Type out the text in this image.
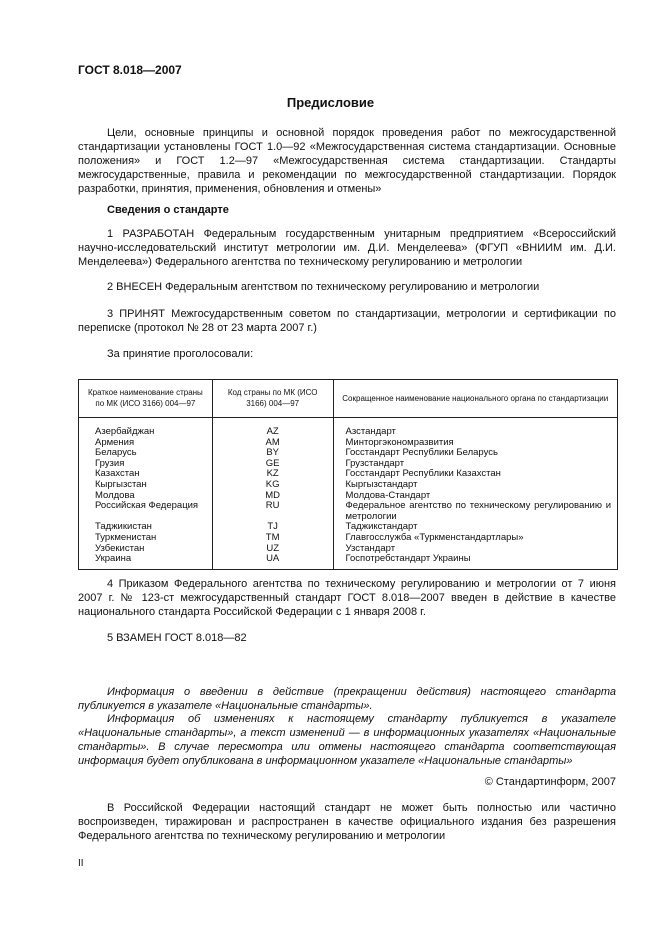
ГОСТ 8.018—2007
Предисловие
Цели, основные принципы и основной порядок проведения работ по межгосударственной стандартизации установлены ГОСТ 1.0—92 «Межгосударственная система стандартизации. Основные положения» и ГОСТ 1.2—97 «Межгосударственная система стандартизации. Стандарты межгосударственные, правила и рекомендации по межгосударственной стандартизации. Порядок разработки, принятия, применения, обновления и отмены»
Сведения о стандарте
1 РАЗРАБОТАН Федеральным государственным унитарным предприятием «Всероссийский научно-исследовательский институт метрологии им. Д.И. Менделеева» (ФГУП «ВНИИМ им. Д.И. Менделеева») Федерального агентства по техническому регулированию и метрологии
2 ВНЕСЕН Федеральным агентством по техническому регулированию и метрологии
3 ПРИНЯТ Межгосударственным советом по стандартизации, метрологии и сертификации по переписке (протокол № 28 от 23 марта 2007 г.)
За принятие проголосовали:
Краткое наименование страны по МК (ИСО 3166) 004—97	Код страны по МК (ИСО 3166) 004—97	Сокращенное наименование национального органа по стандартизации
Азербайджан	AZ	Азстандарт
Армения	AM	Минторгэкономразвития
Беларусь	BY	Госстандарт Республики Беларусь
Грузия	GE	Грузстандарт
Казахстан	KZ	Госстандарт Республики Казахстан
Кыргызстан	KG	Кыргызстандарт
Молдова	MD	Молдова-Стандарт
Российская Федерация	RU	Федеральное агентство по техническому регулированию и метрологии
Таджикистан	TJ	Таджикстандарт
Туркменистан	TM	Главгосслужба «Туркменстандартлары»
Узбекистан	UZ	Узстандарт
Украина	UA	Госпотребстандарт Украины
4 Приказом Федерального агентства по техническому регулированию и метрологии от 7 июня 2007 г. № 123-ст межгосударственный стандарт ГОСТ 8.018—2007 введен в действие в качестве национального стандарта Российской Федерации с 1 января 2008 г.
5 ВЗАМЕН ГОСТ 8.018—82
Информация о введении в действие (прекращении действия) настоящего стандарта публикуется в указателе «Национальные стандарты».
Информация об изменениях к настоящему стандарту публикуется в указателе «Национальные стандарты», а текст изменений — в информационных указателях «Национальные стандарты». В случае пересмотра или отмены настоящего стандарта соответствующая информация будет опубликована в информационном указателе «Национальные стандарты»
© Стандартинформ, 2007
В Российской Федерации настоящий стандарт не может быть полностью или частично воспроизведен, тиражирован и распространен в качестве официального издания без разрешения Федерального агентства по техническому регулированию и метрологии
II
